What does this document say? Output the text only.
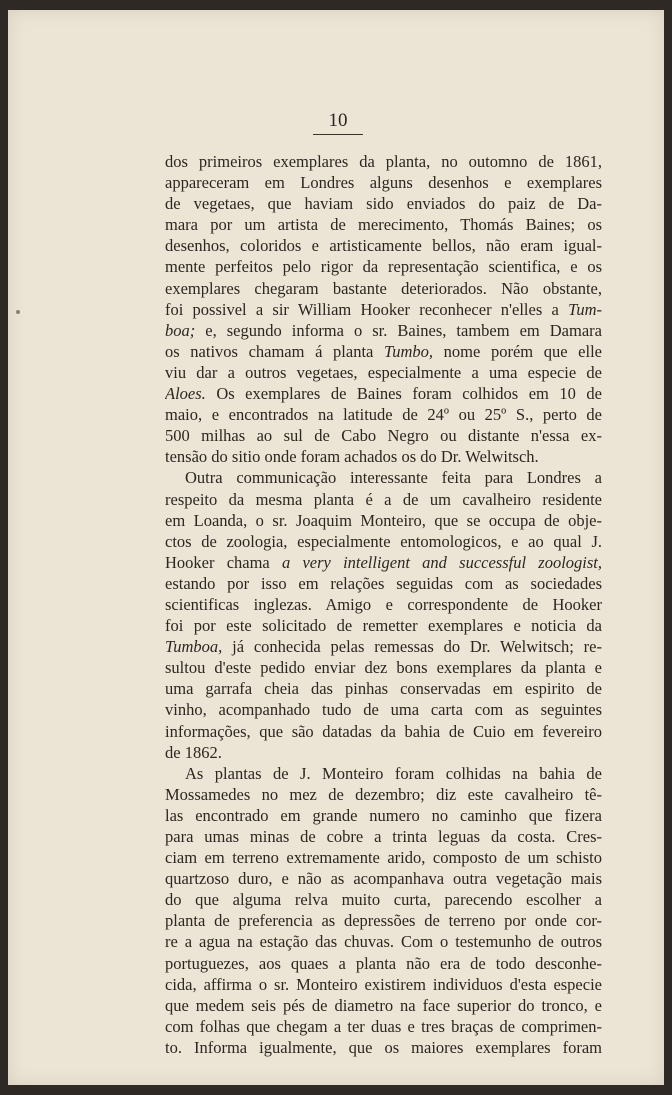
10
dos primeiros exemplares da planta, no outomno de 1861,
appareceram em Londres alguns desenhos e exemplares
de vegetaes, que haviam sido enviados do paiz de Da-
mara por um artista de merecimento, Thomás Baines; os
desenhos, coloridos e artisticamente bellos, não eram igual-
mente perfeitos pelo rigor da representação scientifica, e os
exemplares chegaram bastante deteriorados. Não obstante,
foi possivel a sir William Hooker reconhecer n'elles a Tum-
boa; e, segundo informa o sr. Baines, tambem em Damara
os nativos chamam á planta Tumbo, nome porém que elle
viu dar a outros vegetaes, especialmente a uma especie de
Aloes. Os exemplares de Baines foram colhidos em 10 de
maio, e encontrados na latitude de 24º ou 25º S., perto de
500 milhas ao sul de Cabo Negro ou distante n'essa ex-
tensão do sitio onde foram achados os do Dr. Welwitsch.
Outra communicação interessante feita para Londres a
respeito da mesma planta é a de um cavalheiro residente
em Loanda, o sr. Joaquim Monteiro, que se occupa de obje-
ctos de zoologia, especialmente entomologicos, e ao qual J.
Hooker chama a very intelligent and successful zoologist,
estando por isso em relações seguidas com as sociedades
scientificas inglezas. Amigo e correspondente de Hooker
foi por este solicitado de remetter exemplares e noticia da
Tumboa, já conhecida pelas remessas do Dr. Welwitsch; re-
sultou d'este pedido enviar dez bons exemplares da planta e
uma garrafa cheia das pinhas conservadas em espirito de
vinho, acompanhado tudo de uma carta com as seguintes
informações, que são datadas da bahia de Cuio em fevereiro
de 1862.
As plantas de J. Monteiro foram colhidas na bahia de
Mossamedes no mez de dezembro; diz este cavalheiro tê-
las encontrado em grande numero no caminho que fizera
para umas minas de cobre a trinta leguas da costa. Cres-
ciam em terreno extremamente arido, composto de um schisto
quartzoso duro, e não as acompanhava outra vegetação mais
do que alguma relva muito curta, parecendo escolher a
planta de preferencia as depressões de terreno por onde cor-
re a agua na estação das chuvas. Com o testemunho de outros
portuguezes, aos quaes a planta não era de todo desconhe-
cida, affirma o sr. Monteiro existirem individuos d'esta especie
que medem seis pés de diametro na face superior do tronco, e
com folhas que chegam a ter duas e tres braças de comprimen-
to. Informa igualmente, que os maiores exemplares foram
